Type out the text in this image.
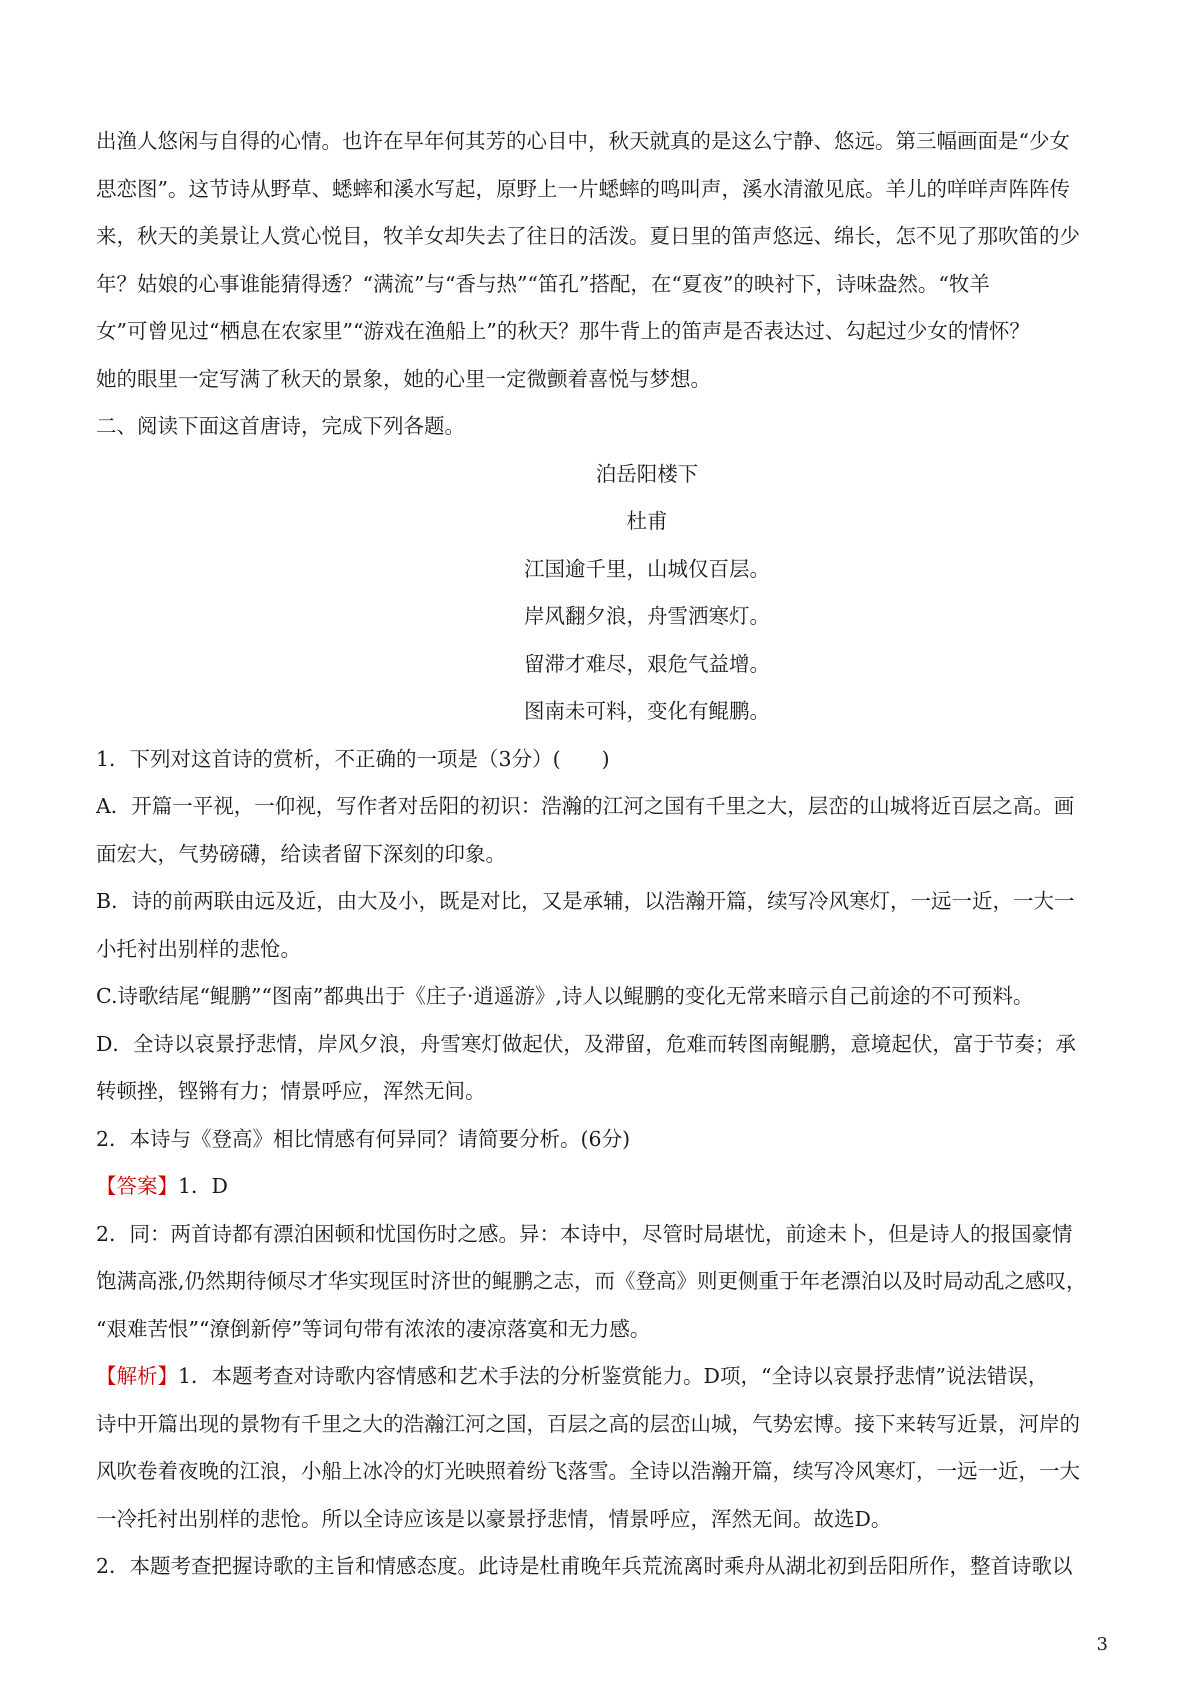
出渔人悠闲与自得的心情。也许在早年何其芳的心目中，秋天就真的是这么宁静、悠远。第三幅画面是“少女

思恋图”。这节诗从野草、蟋蟀和溪水写起，原野上一片蟋蟀的鸣叫声，溪水清澈见底。羊儿的咩咩声阵阵传

来，秋天的美景让人赏心悦目，牧羊女却失去了往日的活泼。夏日里的笛声悠远、绵长，怎不见了那吹笛的少

年？姑娘的心事谁能猜得透？“满流”与“香与热”“笛孔”搭配，在“夏夜”的映衬下，诗味盎然。“牧羊

女”可曾见过“栖息在农家里”“游戏在渔船上”的秋天？那牛背上的笛声是否表达过、勾起过少女的情怀？

她的眼里一定写满了秋天的景象，她的心里一定微颤着喜悦与梦想。

二、阅读下面这首唐诗，完成下列各题。

泊岳阳楼下

杜甫

江国逾千里，山城仅百层。

岸风翻夕浪，舟雪洒寒灯。

留滞才难尽，艰危气益增。

图南未可料，变化有鲲鹏。

1．下列对这首诗的赏析，不正确的一项是（3分）(　　)

A．开篇一平视，一仰视，写作者对岳阳的初识：浩瀚的江河之国有千里之大，层峦的山城将近百层之高。画

面宏大，气势磅礴，给读者留下深刻的印象。

B．诗的前两联由远及近，由大及小，既是对比，又是承辅，以浩瀚开篇，续写冷风寒灯，一远一近，一大一

小托衬出别样的悲怆。

C.诗歌结尾“鲲鹏”“图南”都典出于《庄子·逍遥游》,诗人以鲲鹏的变化无常来暗示自己前途的不可预料。

D．全诗以哀景抒悲情，岸风夕浪，舟雪寒灯做起伏，及滞留，危难而转图南鲲鹏，意境起伏，富于节奏；承

转顿挫，铿锵有力；情景呼应，浑然无间。

2．本诗与《登高》相比情感有何异同？请简要分析。(6分)

【答案】1．D

2．同：两首诗都有漂泊困顿和忧国伤时之感。异：本诗中，尽管时局堪忧，前途未卜，但是诗人的报国豪情

饱满高涨,仍然期待倾尽才华实现匡时济世的鲲鹏之志，而《登高》则更侧重于年老漂泊以及时局动乱之感叹，

“艰难苦恨”“潦倒新停”等词句带有浓浓的凄凉落寞和无力感。

【解析】1．本题考查对诗歌内容情感和艺术手法的分析鉴赏能力。D项，“全诗以哀景抒悲情”说法错误，

诗中开篇出现的景物有千里之大的浩瀚江河之国，百层之高的层峦山城，气势宏博。接下来转写近景，河岸的

风吹卷着夜晚的江浪，小船上冰冷的灯光映照着纷飞落雪。全诗以浩瀚开篇，续写冷风寒灯，一远一近，一大

一冷托衬出别样的悲怆。所以全诗应该是以豪景抒悲情，情景呼应，浑然无间。故选D。

2．本题考查把握诗歌的主旨和情感态度。此诗是杜甫晚年兵荒流离时乘舟从湖北初到岳阳所作，整首诗歌以

3
